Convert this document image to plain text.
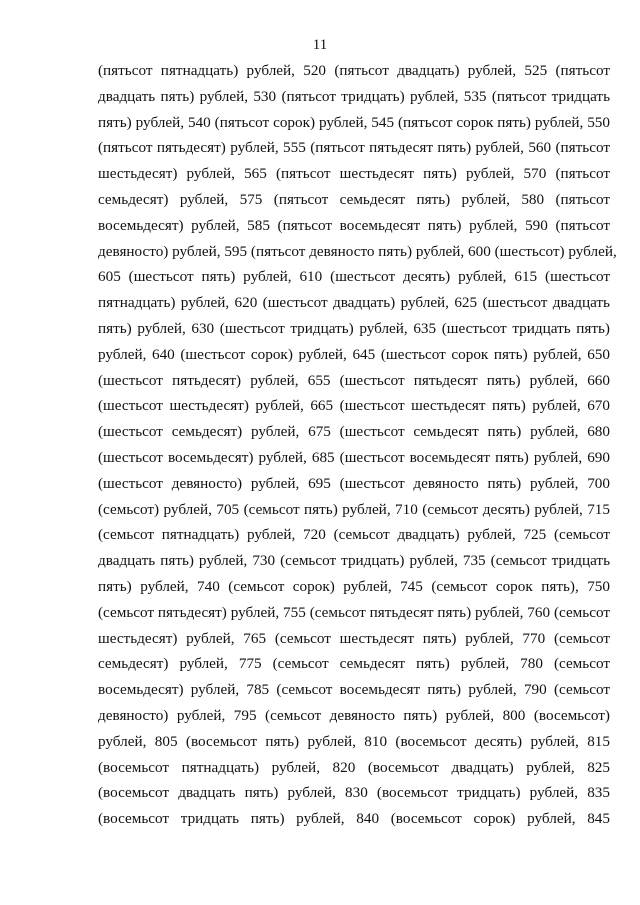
11
(пятьсот пятнадцать) рублей, 520 (пятьсот двадцать) рублей, 525 (пятьсот
двадцать пять) рублей, 530 (пятьсот тридцать) рублей, 535 (пятьсот тридцать
пять) рублей, 540 (пятьсот сорок) рублей, 545 (пятьсот сорок пять) рублей, 550
(пятьсот пятьдесят) рублей, 555 (пятьсот пятьдесят пять) рублей, 560 (пятьсот
шестьдесят) рублей, 565 (пятьсот шестьдесят пять) рублей, 570 (пятьсот
семьдесят) рублей, 575 (пятьсот семьдесят пять) рублей, 580 (пятьсот
восемьдесят) рублей, 585 (пятьсот восемьдесят пять) рублей, 590 (пятьсот
девяносто) рублей, 595 (пятьсот девяносто пять) рублей, 600 (шестьсот) рублей,
605 (шестьсот пять) рублей, 610 (шестьсот десять) рублей, 615 (шестьсот
пятнадцать) рублей, 620 (шестьсот двадцать) рублей, 625 (шестьсот двадцать
пять) рублей, 630 (шестьсот тридцать) рублей, 635 (шестьсот тридцать пять)
рублей, 640 (шестьсот сорок) рублей, 645 (шестьсот сорок пять) рублей, 650
(шестьсот пятьдесят) рублей, 655 (шестьсот пятьдесят пять) рублей, 660
(шестьсот шестьдесят) рублей, 665 (шестьсот шестьдесят пять) рублей, 670
(шестьсот семьдесят) рублей, 675 (шестьсот семьдесят пять) рублей, 680
(шестьсот восемьдесят) рублей, 685 (шестьсот восемьдесят пять) рублей, 690
(шестьсот девяносто) рублей, 695 (шестьсот девяносто пять) рублей, 700
(семьсот) рублей, 705 (семьсот пять) рублей, 710 (семьсот десять) рублей, 715
(семьсот пятнадцать) рублей, 720 (семьсот двадцать) рублей, 725 (семьсот
двадцать пять) рублей, 730 (семьсот тридцать) рублей, 735 (семьсот тридцать
пять) рублей, 740 (семьсот сорок) рублей, 745 (семьсот сорок пять), 750
(семьсот пятьдесят) рублей, 755 (семьсот пятьдесят пять) рублей, 760 (семьсот
шестьдесят) рублей, 765 (семьсот шестьдесят пять) рублей, 770 (семьсот
семьдесят) рублей, 775 (семьсот семьдесят пять) рублей, 780 (семьсот
восемьдесят) рублей, 785 (семьсот восемьдесят пять) рублей, 790 (семьсот
девяносто) рублей, 795 (семьсот девяносто пять) рублей, 800 (восемьсот)
рублей, 805 (восемьсот пять) рублей, 810 (восемьсот десять) рублей, 815
(восемьсот пятнадцать) рублей, 820 (восемьсот двадцать) рублей, 825
(восемьсот двадцать пять) рублей, 830 (восемьсот тридцать) рублей, 835
(восемьсот тридцать пять) рублей, 840 (восемьсот сорок) рублей, 845
